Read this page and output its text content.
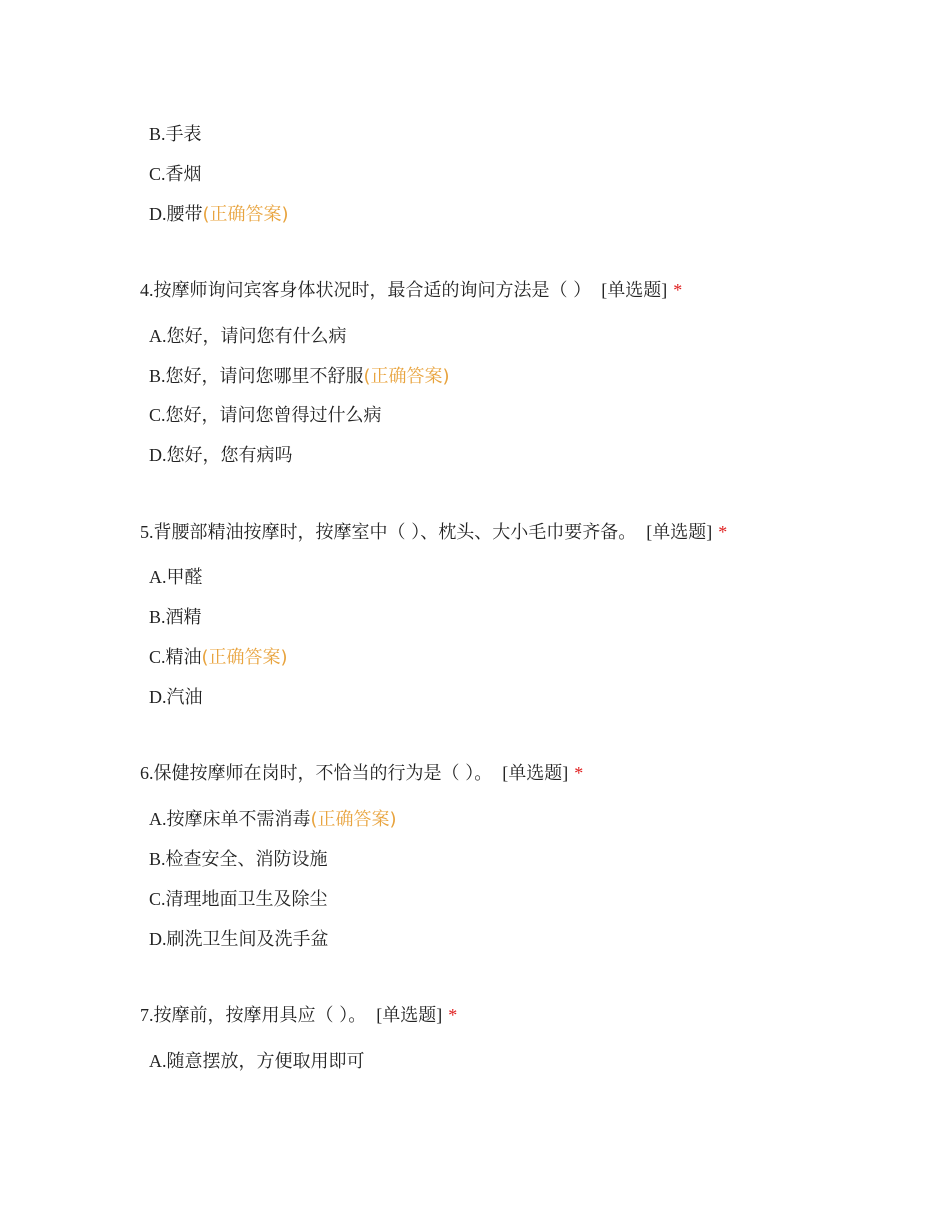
B.手表
C.香烟
D.腰带(正确答案)
4.按摩师询问宾客身体状况时，最合适的询问方法是（ ） [单选题] *
A.您好，请问您有什么病
B.您好，请问您哪里不舒服(正确答案)
C.您好，请问您曾得过什么病
D.您好，您有病吗
5.背腰部精油按摩时，按摩室中（ ）、枕头、大小毛巾要齐备。 [单选题] *
A.甲醛
B.酒精
C.精油(正确答案)
D.汽油
6.保健按摩师在岗时，不恰当的行为是（ ）。 [单选题] *
A.按摩床单不需消毒(正确答案)
B.检查安全、消防设施
C.清理地面卫生及除尘
D.刷洗卫生间及洗手盆
7.按摩前，按摩用具应（ ）。 [单选题] *
A.随意摆放，方便取用即可
